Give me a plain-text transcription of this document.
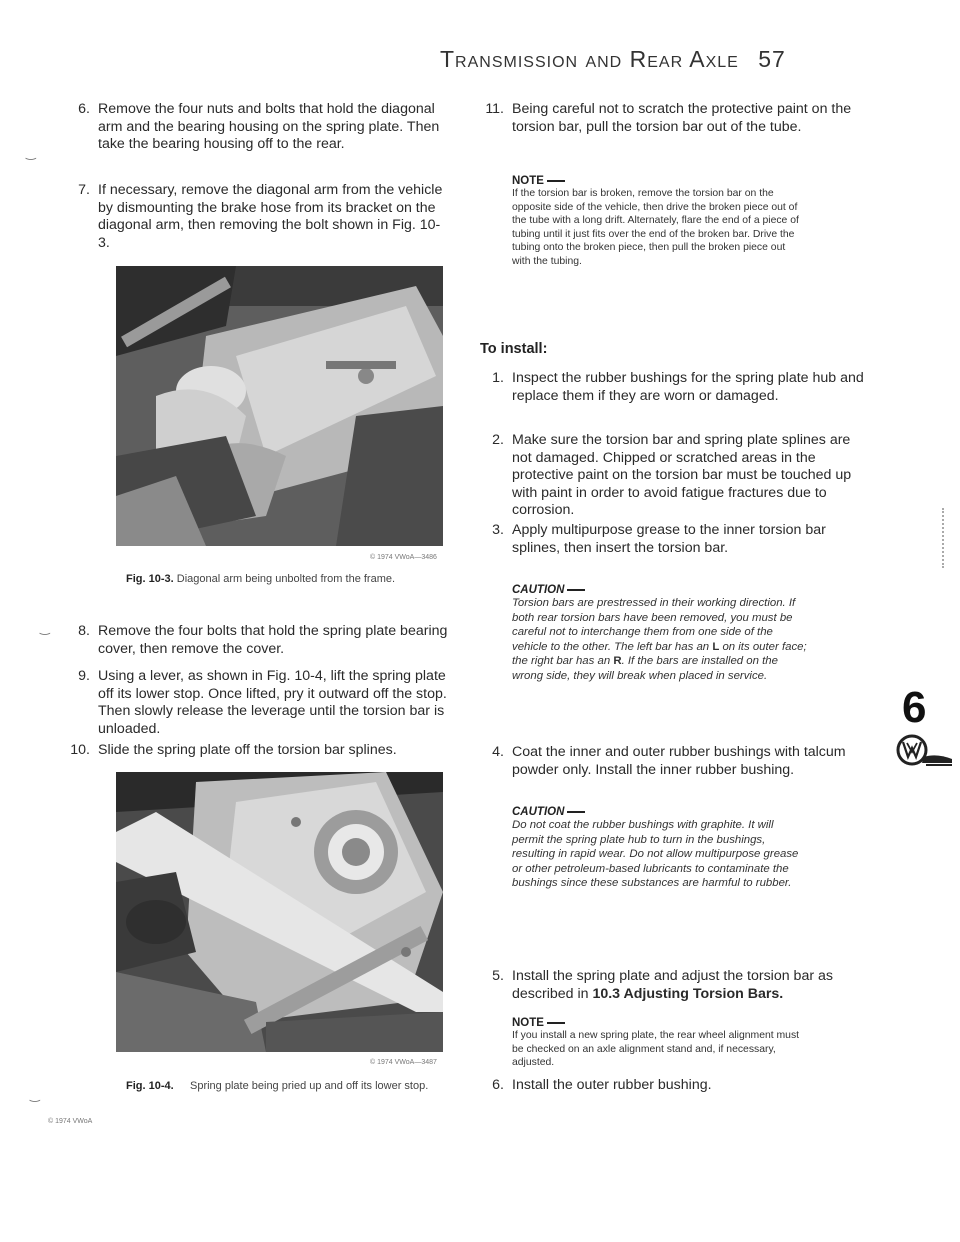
Transmission and Rear Axle 57
6. Remove the four nuts and bolts that hold the diagonal arm and the bearing housing on the spring plate. Then take the bearing housing off to the rear.
7. If necessary, remove the diagonal arm from the vehicle by dismounting the brake hose from its bracket on the diagonal arm, then removing the bolt shown in Fig. 10-3.
© 1974 VWoA—3486
Fig. 10-3. Diagonal arm being unbolted from the frame.
8. Remove the four bolts that hold the spring plate bearing cover, then remove the cover.
9. Using a lever, as shown in Fig. 10-4, lift the spring plate off its lower stop. Once lifted, pry it outward off the stop. Then slowly release the leverage until the torsion bar is unloaded.
10. Slide the spring plate off the torsion bar splines.
© 1974 VWoA—3487
Fig. 10-4. Spring plate being pried up and off its lower stop.
© 1974 VWoA
‿
‿
‿
11. Being careful not to scratch the protective paint on the torsion bar, pull the torsion bar out of the tube.
NOTE
If the torsion bar is broken, remove the torsion bar on the opposite side of the vehicle, then drive the broken piece out of the tube with a long drift. Alternately, flare the end of a piece of tubing until it just fits over the end of the broken bar. Drive the tubing onto the broken piece, then pull the broken piece out with the tubing.
To install:
1. Inspect the rubber bushings for the spring plate hub and replace them if they are worn or damaged.
2. Make sure the torsion bar and spring plate splines are not damaged. Chipped or scratched areas in the protective paint on the torsion bar must be touched up with paint in order to avoid fatigue fractures due to corrosion.
3. Apply multipurpose grease to the inner torsion bar splines, then insert the torsion bar.
CAUTION
Torsion bars are prestressed in their working direction. If both rear torsion bars have been removed, you must be careful not to interchange them from one side of the vehicle to the other. The left bar has an L on its outer face; the right bar has an R. If the bars are installed on the wrong side, they will break when placed in service.
4. Coat the inner and outer rubber bushings with talcum powder only. Install the inner rubber bushing.
CAUTION
Do not coat the rubber bushings with graphite. It will permit the spring plate hub to turn in the bushings, resulting in rapid wear. Do not allow multipurpose grease or other petroleum-based lubricants to contaminate the bushings since these substances are harmful to rubber.
5. Install the spring plate and adjust the torsion bar as described in 10.3 Adjusting Torsion Bars.
NOTE
If you install a new spring plate, the rear wheel alignment must be checked on an axle alignment stand and, if necessary, adjusted.
6. Install the outer rubber bushing.
6
